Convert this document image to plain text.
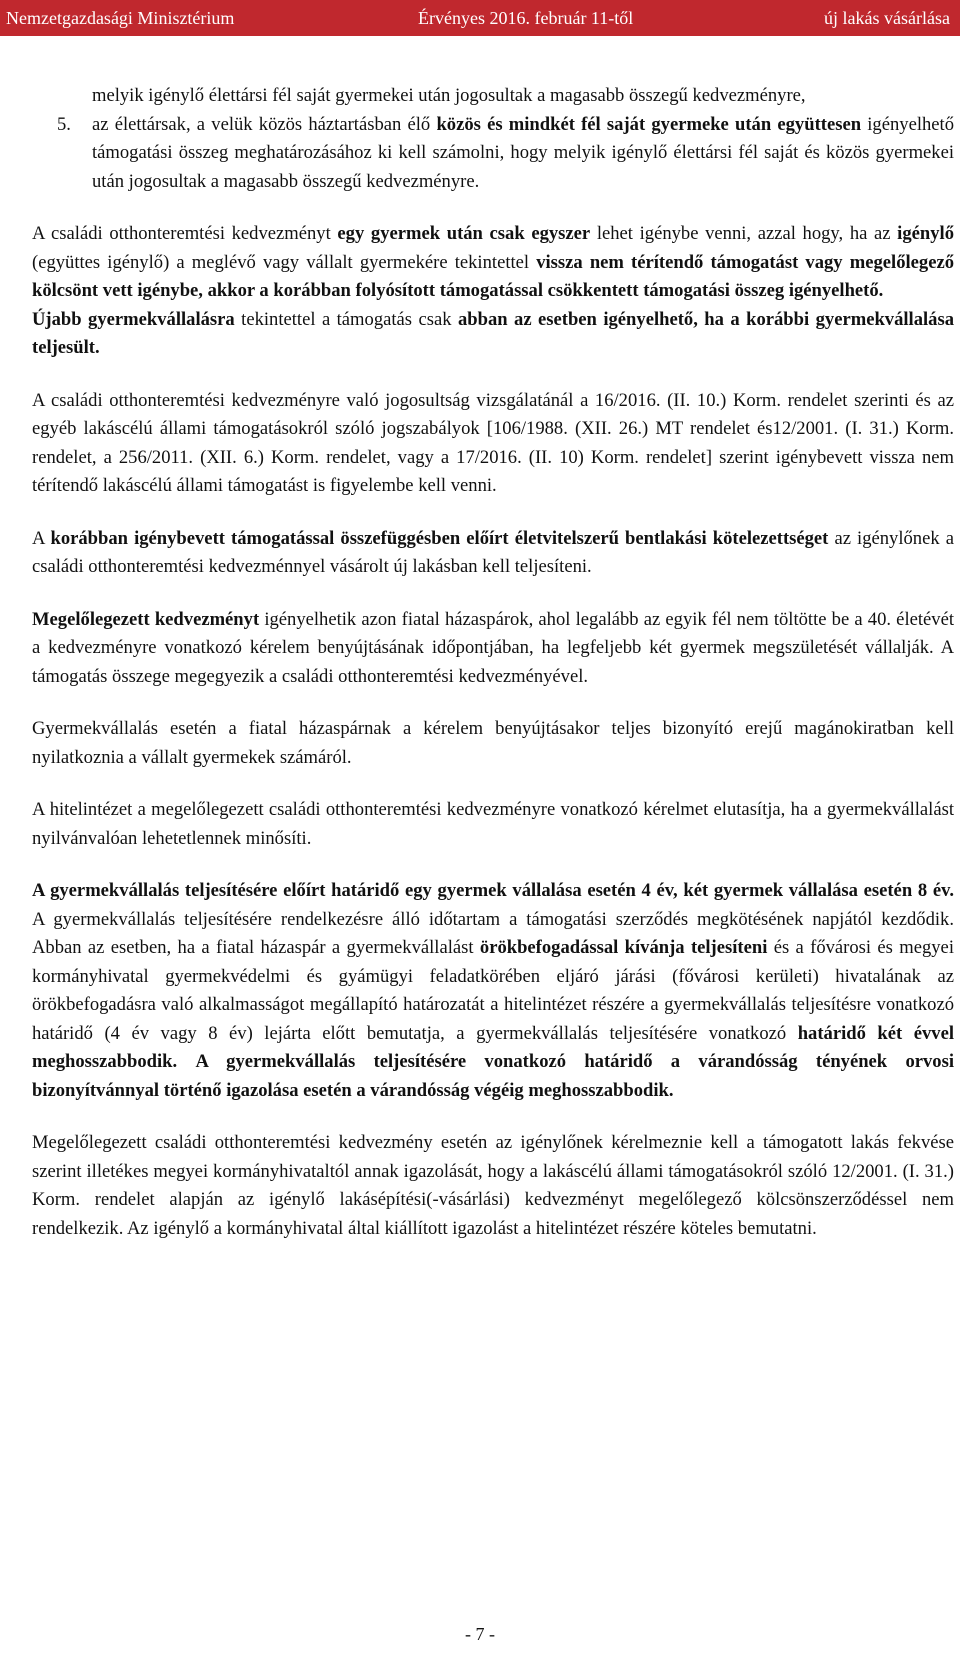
Nemzetgazdasági Minisztérium	Érvényes 2016. február 11-től	új lakás vásárlása

melyik igénylő élettársi fél saját gyermekei után jogosultak a magasabb összegű kedvezményre,

5. az élettársak, a velük közös háztartásban élő közös és mindkét fél saját gyermeke után együttesen igényelhető támogatási összeg meghatározásához ki kell számolni, hogy melyik igénylő élettársi fél saját és közös gyermekei után jogosultak a magasabb összegű kedvezményre.

A családi otthonteremtési kedvezményt egy gyermek után csak egyszer lehet igénybe venni, azzal hogy, ha az igénylő (együttes igénylő) a meglévő vagy vállalt gyermekére tekintettel vissza nem térítendő támogatást vagy megelőlegező kölcsönt vett igénybe, akkor a korábban folyósított támogatással csökkentett támogatási összeg igényelhető.

Újabb gyermekvállalásra tekintettel a támogatás csak abban az esetben igényelhető, ha a korábbi gyermekvállalása teljesült.

A családi otthonteremtési kedvezményre való jogosultság vizsgálatánál a 16/2016. (II. 10.) Korm. rendelet szerinti és az egyéb lakáscélú állami támogatásokról szóló jogszabályok [106/1988. (XII. 26.) MT rendelet és12/2001. (I. 31.) Korm. rendelet, a 256/2011. (XII. 6.) Korm. rendelet, vagy a 17/2016. (II. 10) Korm. rendelet] szerint igénybevett vissza nem térítendő lakáscélú állami támogatást is figyelembe kell venni.

A korábban igénybevett támogatással összefüggésben előírt életvitelszerű bentlakási kötelezettséget az igénylőnek a családi otthonteremtési kedvezménnyel vásárolt új lakásban kell teljesíteni.

Megelőlegezett kedvezményt igényelhetik azon fiatal házaspárok, ahol legalább az egyik fél nem töltötte be a 40. életévét a kedvezményre vonatkozó kérelem benyújtásának időpontjában, ha legfeljebb két gyermek megszületését vállalják. A támogatás összege megegyezik a családi otthonteremtési kedvezményével.

Gyermekvállalás esetén a fiatal házaspárnak a kérelem benyújtásakor teljes bizonyító erejű magánokiratban kell nyilatkoznia a vállalt gyermekek számáról.

A hitelintézet a megelőlegezett családi otthonteremtési kedvezményre vonatkozó kérelmet elutasítja, ha a gyermekvállalást nyilvánvalóan lehetetlennek minősíti.

A gyermekvállalás teljesítésére előírt határidő egy gyermek vállalása esetén 4 év, két gyermek vállalása esetén 8 év. A gyermekvállalás teljesítésére rendelkezésre álló időtartam a támogatási szerződés megkötésének napjától kezdődik. Abban az esetben, ha a fiatal házaspár a gyermekvállalást örökbefogadással kívánja teljesíteni és a fővárosi és megyei kormányhivatal gyermekvédelmi és gyámügyi feladatkörében eljáró járási (fővárosi kerületi) hivatalának az örökbefogadásra való alkalmasságot megállapító határozatát a hitelintézet részére a gyermekvállalás teljesítésre vonatkozó határidő (4 év vagy 8 év) lejárta előtt bemutatja, a gyermekvállalás teljesítésére vonatkozó határidő két évvel meghosszabbodik. A gyermekvállalás teljesítésére vonatkozó határidő a várandósság tényének orvosi bizonyítvánnyal történő igazolása esetén a várandósság végéig meghosszabbodik.

Megelőlegezett családi otthonteremtési kedvezmény esetén az igénylőnek kérelmeznie kell a támogatott lakás fekvése szerint illetékes megyei kormányhivataltól annak igazolását, hogy a lakáscélú állami támogatásokról szóló 12/2001. (I. 31.) Korm. rendelet alapján az igénylő lakásépítési(-vásárlási) kedvezményt megelőlegező kölcsönszerződéssel nem rendelkezik. Az igénylő a kormányhivatal által kiállított igazolást a hitelintézet részére köteles bemutatni.

- 7 -
